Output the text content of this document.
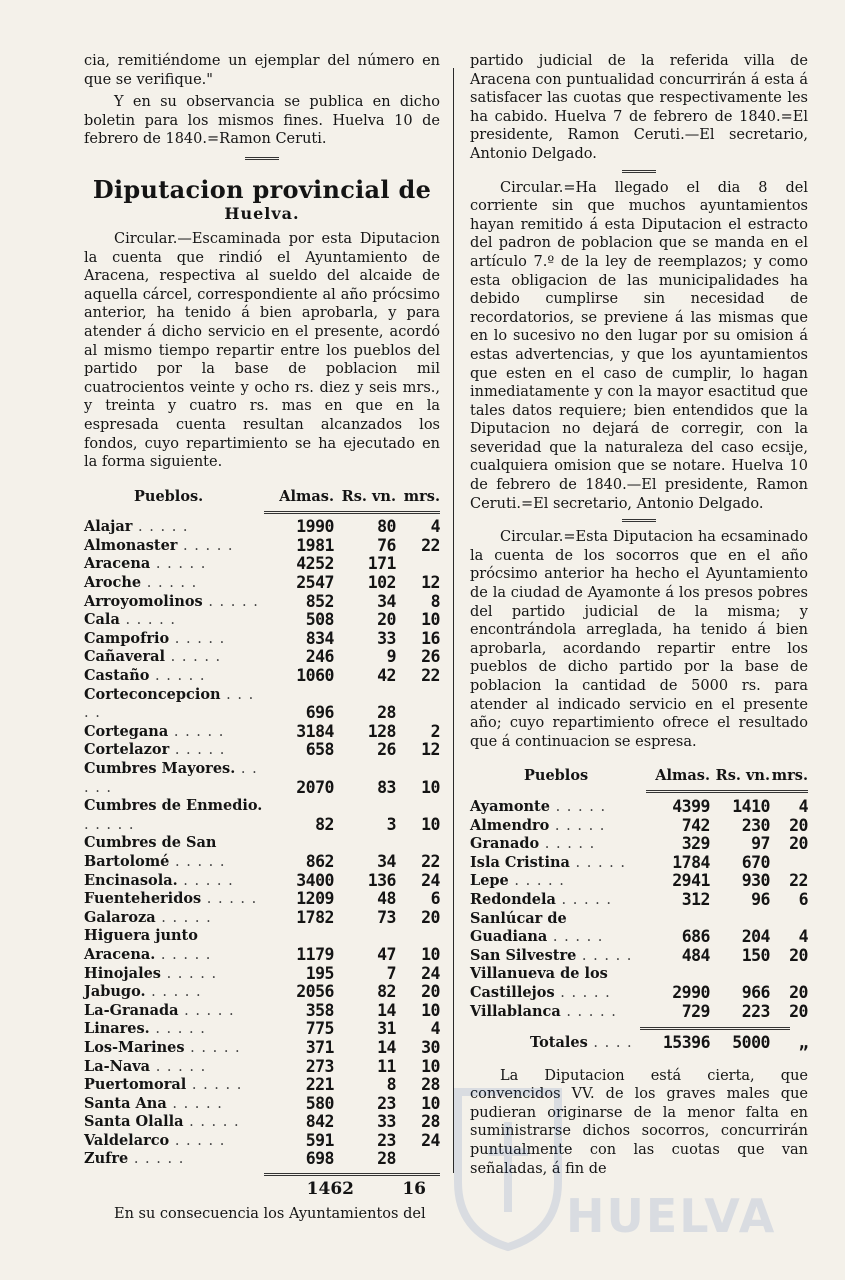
cia, remitiéndome un ejemplar del número en que se verifique."

Y en su observancia se publica en dicho boletin para los mismos fines. Huelva 10 de febrero de 1840.=Ramon Ceruti.

Diputacion provincial de
Huelva.

Circular.—Escaminada por esta Diputacion la cuenta que rindió el Ayuntamiento de Aracena, respectiva al sueldo del alcaide de aquella cárcel, correspondiente al año prócsimo anterior, ha tenido á bien aprobarla, y para atender á dicho servicio en el presente, acordó al mismo tiempo repartir entre los pueblos del partido por la base de poblacion mil cuatrocientos veinte y ocho rs. diez y seis mrs., y treinta y cuatro rs. mas en que en la espresada cuenta resultan alcanzados los fondos, cuyo repartimiento se ha ejecutado en la forma siguiente.

Pueblos.	Almas.	Rs. vn.	mrs.

Alajar . . . . .	1990	80	4
Almonaster . . . . .	1981	76	22
Aracena . . . . .	4252	171	
Aroche . . . . .	2547	102	12
Arroyomolinos . . . . .	852	34	8
Cala . . . . .	508	20	10
Campofrio . . . . .	834	33	16
Cañaveral . . . . .	246	9	26
Castaño . . . . .	1060	42	22
Corteconcepcion . . . . .	696	28	
Cortegana . . . . .	3184	128	2
Cortelazor . . . . .	658	26	12
Cumbres Mayores. . . . . .	2070	83	10
Cumbres de Enmedio. . . . . .	82	3	10
Cumbres de San Bartolomé . . . . .	862	34	22
Encinasola. . . . . .	3400	136	24
Fuenteheridos . . . . .	1209	48	6
Galaroza . . . . .	1782	73	20
Higuera junto Aracena. . . . . .	1179	47	10
Hinojales . . . . .	195	7	24
Jabugo. . . . . .	2056	82	20
La-Granada . . . . .	358	14	10
Linares. . . . . .	775	31	4
Los-Marines . . . . .	371	14	30
La-Nava . . . . .	273	11	10
Puertomoral . . . . .	221	8	28
Santa Ana . . . . .	580	23	10
Santa Olalla . . . . .	842	33	28
Valdelarco . . . . .	591	23	24
Zufre . . . . .	698	28	
1462	16

En su consecuencia los Ayuntamientos del

partido judicial de la referida villa de Aracena con puntualidad concurrirán á esta á satisfacer las cuotas que respectivamente les ha cabido. Huelva 7 de febrero de 1840.=El presidente, Ramon Ceruti.—El secretario, Antonio Delgado.

Circular.=Ha llegado el dia 8 del corriente sin que muchos ayuntamientos hayan remitido á esta Diputacion el estracto del padron de poblacion que se manda en el artículo 7.º de la ley de reemplazos; y como esta obligacion de las municipalidades ha debido cumplirse sin necesidad de recordatorios, se previene á las mismas que en lo sucesivo no den lugar por su omision á estas advertencias, y que los ayuntamientos que esten en el caso de cumplir, lo hagan inmediatamente y con la mayor esactitud que tales datos requiere; bien entendidos que la Diputacion no dejará de corregir, con la severidad que la naturaleza del caso ecsije, cualquiera omision que se notare. Huelva 10 de febrero de 1840.—El presidente, Ramon Ceruti.=El secretario, Antonio Delgado.

Circular.=Esta Diputacion ha ecsaminado la cuenta de los socorros que en el año prócsimo anterior ha hecho el Ayuntamiento de la ciudad de Ayamonte á los presos pobres del partido judicial de la misma; y encontrándola arreglada, ha tenido á bien aprobarla, acordando repartir entre los pueblos de dicho partido por la base de poblacion la cantidad de 5000 rs. para atender al indicado servicio en el presente año; cuyo repartimiento ofrece el resultado que á continuacion se espresa.

Pueblos	Almas.	Rs. vn.	mrs.

Ayamonte . . . . .	4399	1410	4
Almendro . . . . .	742	230	20
Granado . . . . .	329	97	20
Isla Cristina . . . . .	1784	670	
Lepe . . . . .	2941	930	22
Redondela . . . . .	312	96	6
Sanlúcar de Guadiana . . . . .	686	204	4
San Silvestre . . . . .	484	150	20
Villanueva de los Castillejos . . . . .	2990	966	20
Villablanca . . . . .	729	223	20
Totales . . . .	15396	5000	„

La Diputacion está cierta, que convencidos VV. de los graves males que pudieran originarse de la menor falta en suministrarse dichos socorros, concurrirán puntualmente con las cuotas que van señaladas, á fin de

HUELVA
